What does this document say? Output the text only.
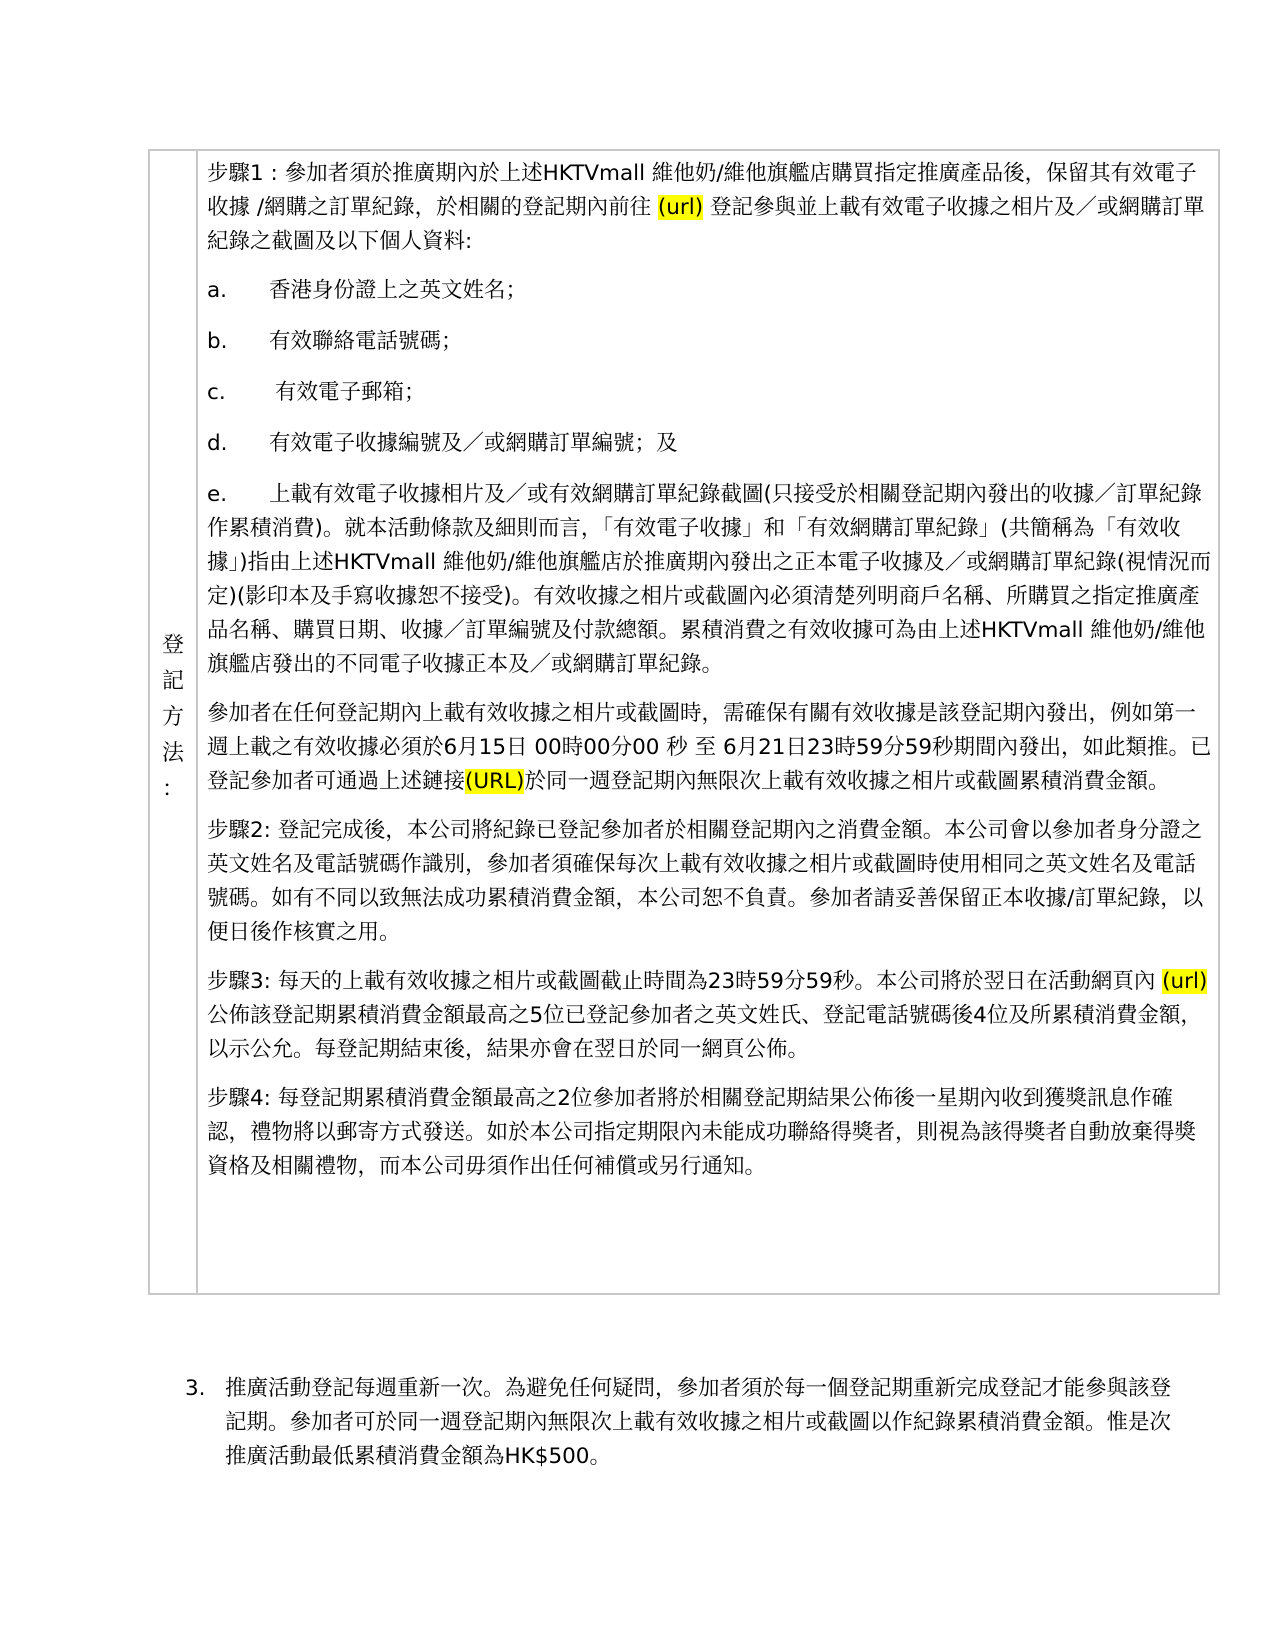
登
記
方
法
：

步驟1 : 參加者須於推廣期內於上述HKTVmall 維他奶/維他旗艦店購買指定推廣產品後，保留其有效電子收據 /網購之訂單紀錄，於相關的登記期內前往 (url) 登記參與並上載有效電子收據之相片及／或網購訂單紀錄之截圖及以下個人資料:

a.	香港身份證上之英文姓名；

b.	有效聯絡電話號碼；

c.	有效電子郵箱；

d.	有效電子收據編號及／或網購訂單編號；及

e. 上載有效電子收據相片及／或有效網購訂單紀錄截圖(只接受於相關登記期內發出的收據／訂單紀錄作累積消費)。就本活動條款及細則而言，「有效電子收據」和「有效網購訂單紀錄」(共簡稱為「有效收據」)指由上述HKTVmall 維他奶/維他旗艦店於推廣期內發出之正本電子收據及／或網購訂單紀錄(視情況而定)(影印本及手寫收據恕不接受)。有效收據之相片或截圖內必須清楚列明商戶名稱、所購買之指定推廣產品名稱、購買日期、收據／訂單編號及付款總額。累積消費之有效收據可為由上述HKTVmall 維他奶/維他旗艦店發出的不同電子收據正本及／或網購訂單紀錄。

參加者在任何登記期內上載有效收據之相片或截圖時，需確保有關有效收據是該登記期內發出，例如第一週上載之有效收據必須於6月15日 00時00分00 秒 至 6月21日23時59分59秒期間內發出，如此類推。已登記參加者可通過上述鏈接(URL)於同一週登記期內無限次上載有效收據之相片或截圖累積消費金額。

步驟2: 登記完成後，本公司將紀錄已登記參加者於相關登記期內之消費金額。本公司會以參加者身分證之英文姓名及電話號碼作識別，參加者須確保每次上載有效收據之相片或截圖時使用相同之英文姓名及電話號碼。如有不同以致無法成功累積消費金額，本公司恕不負責。參加者請妥善保留正本收據/訂單紀錄，以便日後作核實之用。

步驟3: 每天的上載有效收據之相片或截圖截止時間為23時59分59秒。本公司將於翌日在活動網頁內 (url) 公佈該登記期累積消費金額最高之5位已登記參加者之英文姓氏、登記電話號碼後4位及所累積消費金額，以示公允。每登記期結束後，結果亦會在翌日於同一網頁公佈。

步驟4: 每登記期累積消費金額最高之2位參加者將於相關登記期結果公佈後一星期內收到獲獎訊息作確認，禮物將以郵寄方式發送。如於本公司指定期限內未能成功聯絡得獎者，則視為該得獎者自動放棄得獎資格及相關禮物，而本公司毋須作出任何補償或另行通知。

3. 推廣活動登記每週重新一次。為避免任何疑問，參加者須於每一個登記期重新完成登記才能參與該登記期。參加者可於同一週登記期內無限次上載有效收據之相片或截圖以作紀錄累積消費金額。惟是次推廣活動最低累積消費金額為HK$500。
